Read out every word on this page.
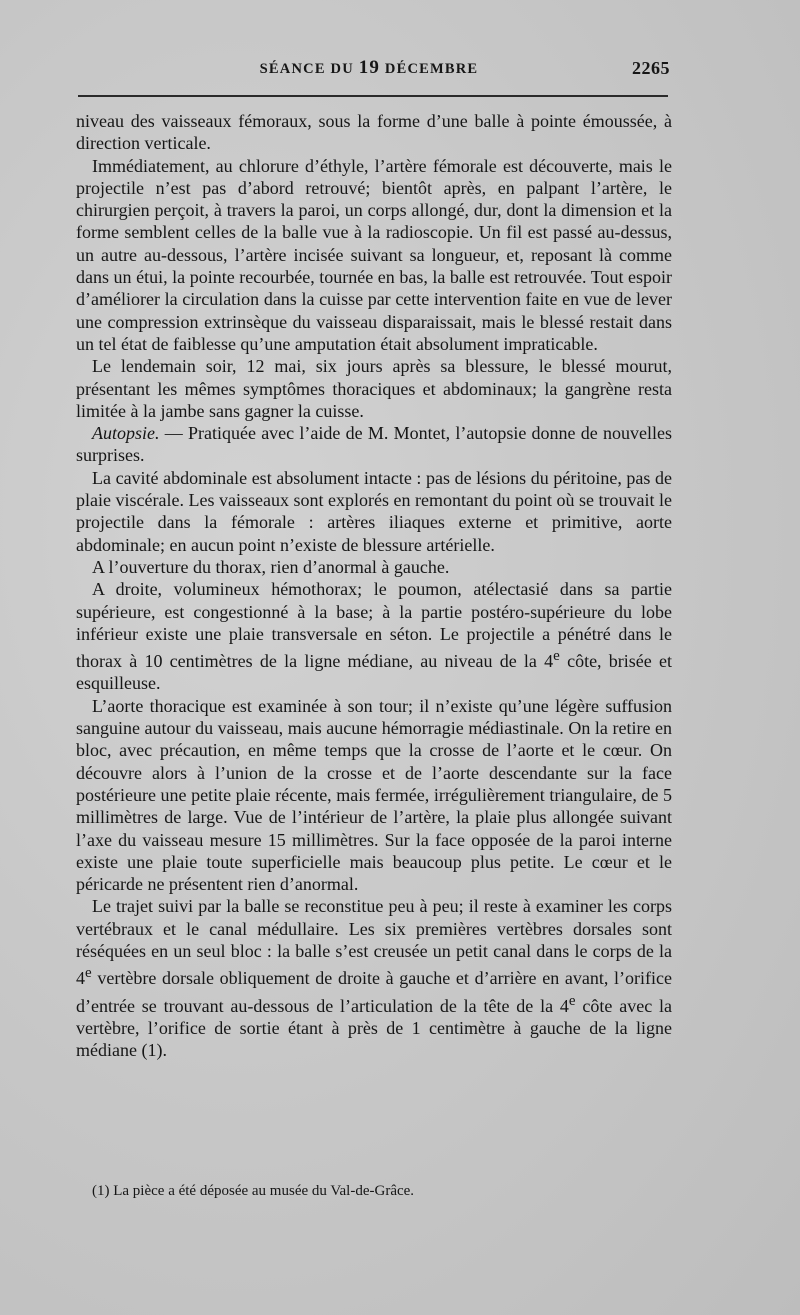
SÉANCE DU 19 DÉCEMBRE	2265

niveau des vaisseaux fémoraux, sous la forme d’une balle à pointe émoussée, à direction verticale.

Immédiatement, au chlorure d’éthyle, l’artère fémorale est découverte, mais le projectile n’est pas d’abord retrouvé; bientôt après, en palpant l’artère, le chirurgien perçoit, à travers la paroi, un corps allongé, dur, dont la dimension et la forme semblent celles de la balle vue à la radioscopie. Un fil est passé au-dessus, un autre au-dessous, l’artère incisée suivant sa longueur, et, reposant là comme dans un étui, la pointe recourbée, tournée en bas, la balle est retrouvée. Tout espoir d’améliorer la circulation dans la cuisse par cette intervention faite en vue de lever une compression extrinsèque du vaisseau disparaissait, mais le blessé restait dans un tel état de faiblesse qu’une amputation était absolument impraticable.

Le lendemain soir, 12 mai, six jours après sa blessure, le blessé mourut, présentant les mêmes symptômes thoraciques et abdominaux; la gangrène resta limitée à la jambe sans gagner la cuisse.

Autopsie. — Pratiquée avec l’aide de M. Montet, l’autopsie donne de nouvelles surprises.

La cavité abdominale est absolument intacte : pas de lésions du péritoine, pas de plaie viscérale. Les vaisseaux sont explorés en remontant du point où se trouvait le projectile dans la fémorale : artères iliaques externe et primitive, aorte abdominale; en aucun point n’existe de blessure artérielle.

A l’ouverture du thorax, rien d’anormal à gauche.

A droite, volumineux hémothorax; le poumon, atélectasié dans sa partie supérieure, est congestionné à la base; à la partie postéro-supérieure du lobe inférieur existe une plaie transversale en séton. Le projectile a pénétré dans le thorax à 10 centimètres de la ligne médiane, au niveau de la 4e côte, brisée et esquilleuse.

L’aorte thoracique est examinée à son tour; il n’existe qu’une légère suffusion sanguine autour du vaisseau, mais aucune hémorragie médiastinale. On la retire en bloc, avec précaution, en même temps que la crosse de l’aorte et le cœur. On découvre alors à l’union de la crosse et de l’aorte descendante sur la face postérieure une petite plaie récente, mais fermée, irrégulièrement triangulaire, de 5 millimètres de large. Vue de l’intérieur de l’artère, la plaie plus allongée suivant l’axe du vaisseau mesure 15 millimètres. Sur la face opposée de la paroi interne existe une plaie toute superficielle mais beaucoup plus petite. Le cœur et le péricarde ne présentent rien d’anormal.

Le trajet suivi par la balle se reconstitue peu à peu; il reste à examiner les corps vertébraux et le canal médullaire. Les six premières vertèbres dorsales sont réséquées en un seul bloc : la balle s’est creusée un petit canal dans le corps de la 4e vertèbre dorsale obliquement de droite à gauche et d’arrière en avant, l’orifice d’entrée se trouvant au-dessous de l’articulation de la tête de la 4e côte avec la vertèbre, l’orifice de sortie étant à près de 1 centimètre à gauche de la ligne médiane (1).

(1) La pièce a été déposée au musée du Val-de-Grâce.
